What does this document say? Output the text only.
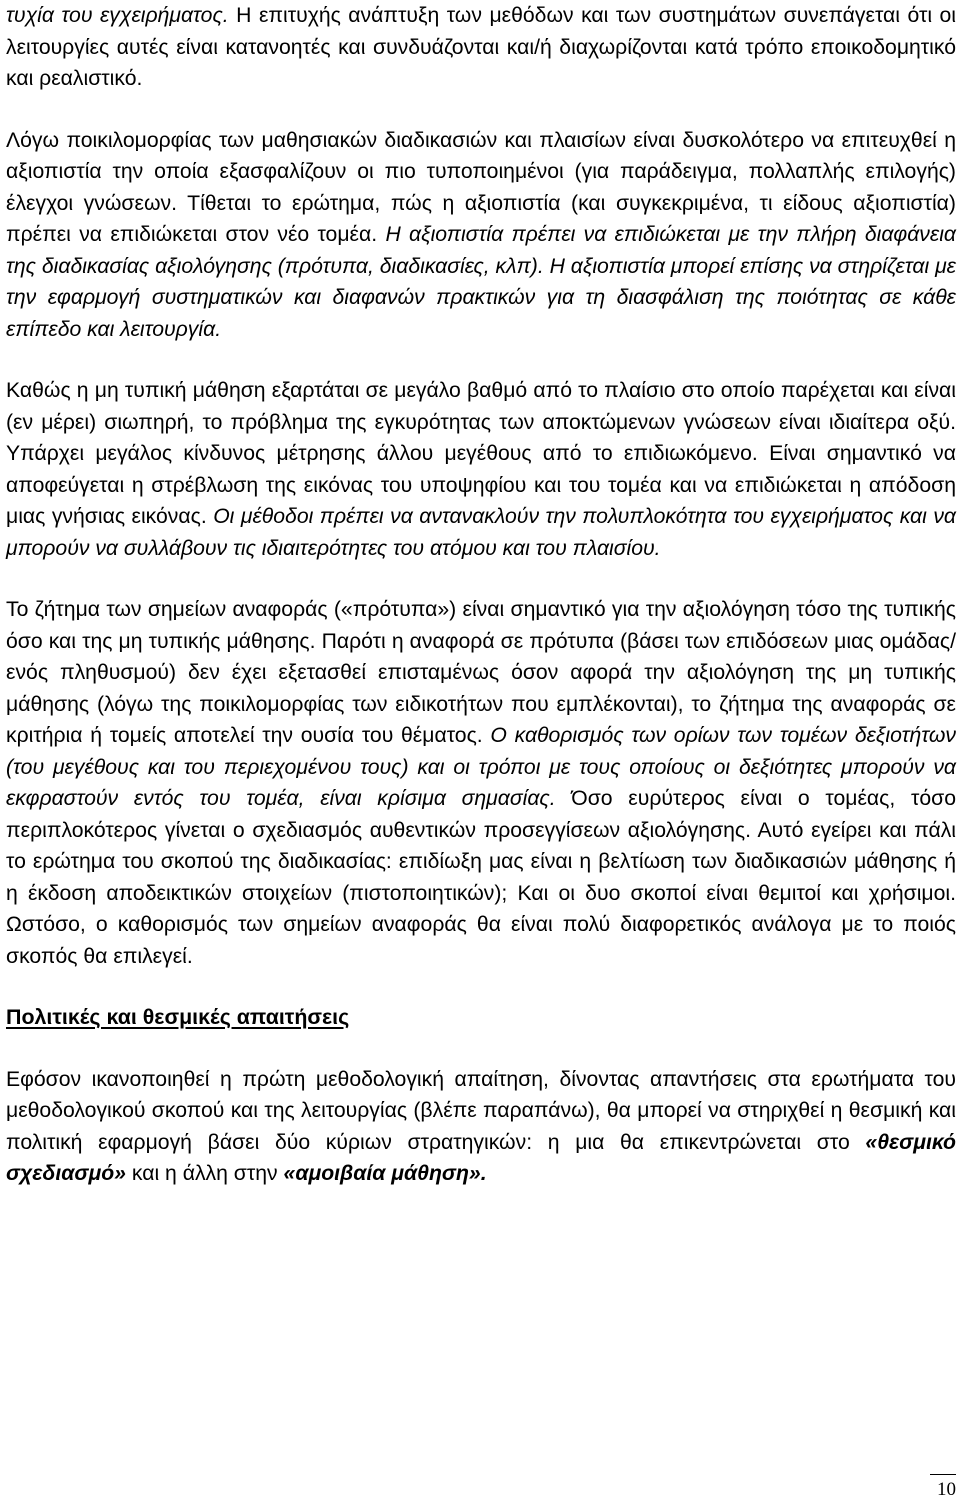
τυχία του εγχειρήματος. Η επιτυχής ανάπτυξη των μεθόδων και των συστημάτων συνεπάγεται ότι οι λειτουργίες αυτές είναι κατανοητές και συνδυάζονται και/ή διαχωρίζονται κατά τρόπο εποικοδομητικό και ρεαλιστικό.

Λόγω ποικιλομορφίας των μαθησιακών διαδικασιών και πλαισίων είναι δυσκολότερο να επιτευχθεί η αξιοπιστία την οποία εξασφαλίζουν οι πιο τυποποιημένοι (για παράδειγμα, πολλαπλής επιλογής) έλεγχοι γνώσεων. Τίθεται το ερώτημα, πώς η αξιοπιστία (και συγκεκριμένα, τι είδους αξιοπιστία) πρέπει να επιδιώκεται στον νέο τομέα. Η αξιοπιστία πρέπει να επιδιώκεται με την πλήρη διαφάνεια της διαδικασίας αξιολόγησης (πρότυπα, διαδικασίες, κλπ). Η αξιοπιστία μπορεί επίσης να στηρίζεται με την εφαρμογή συστηματικών και διαφανών πρακτικών για τη διασφάλιση της ποιότητας σε κάθε επίπεδο και λειτουργία.

Καθώς η μη τυπική μάθηση εξαρτάται σε μεγάλο βαθμό από το πλαίσιο στο οποίο παρέχεται και είναι (εν μέρει) σιωπηρή, το πρόβλημα της εγκυρότητας των αποκτώμενων γνώσεων είναι ιδιαίτερα οξύ. Υπάρχει μεγάλος κίνδυνος μέτρησης άλλου μεγέθους από το επιδιωκόμενο. Είναι σημαντικό να αποφεύγεται η στρέβλωση της εικόνας του υποψηφίου και του τομέα και να επιδιώκεται η απόδοση μιας γνήσιας εικόνας. Οι μέθοδοι πρέπει να αντανακλούν την πολυπλοκότητα του εγχειρήματος και να μπορούν να συλλάβουν τις ιδιαιτερότητες του ατόμου και του πλαισίου.

Το ζήτημα των σημείων αναφοράς («πρότυπα») είναι σημαντικό για την αξιολόγηση τόσο της τυπικής όσο και της μη τυπικής μάθησης. Παρότι η αναφορά σε πρότυπα (βάσει των επιδόσεων μιας ομάδας/ενός πληθυσμού) δεν έχει εξετασθεί επισταμένως όσον αφορά την αξιολόγηση της μη τυπικής μάθησης (λόγω της ποικιλομορφίας των ειδικοτήτων που εμπλέκονται), το ζήτημα της αναφοράς σε κριτήρια ή τομείς αποτελεί την ουσία του θέματος. Ο καθορισμός των ορίων των τομέων δεξιοτήτων (του μεγέθους και του περιεχομένου τους) και οι τρόποι με τους οποίους οι δεξιότητες μπορούν να εκφραστούν εντός του τομέα, είναι κρίσιμα σημασίας. Όσο ευρύτερος είναι ο τομέας, τόσο περιπλοκότερος γίνεται ο σχεδιασμός αυθεντικών προσεγγίσεων αξιολόγησης. Αυτό εγείρει και πάλι το ερώτημα του σκοπού της διαδικασίας: επιδίωξη μας είναι η βελτίωση των διαδικασιών μάθησης ή η έκδοση αποδεικτικών στοιχείων (πιστοποιητικών); Και οι δυο σκοποί είναι θεμιτοί και χρήσιμοι. Ωστόσο, ο καθορισμός των σημείων αναφοράς θα είναι πολύ διαφορετικός ανάλογα με το ποιός σκοπός θα επιλεγεί.

Πολιτικές και θεσμικές απαιτήσεις

Εφόσον ικανοποιηθεί η πρώτη μεθοδολογική απαίτηση, δίνοντας απαντήσεις στα ερωτήματα του μεθοδολογικού σκοπού και της λειτουργίας (βλέπε παραπάνω), θα μπορεί να στηριχθεί η θεσμική και πολιτική εφαρμογή βάσει δύο κύριων στρατηγικών: η μια θα επικεντρώνεται στο «θεσμικό σχεδιασμό» και η άλλη στην «αμοιβαία μάθηση».

10
